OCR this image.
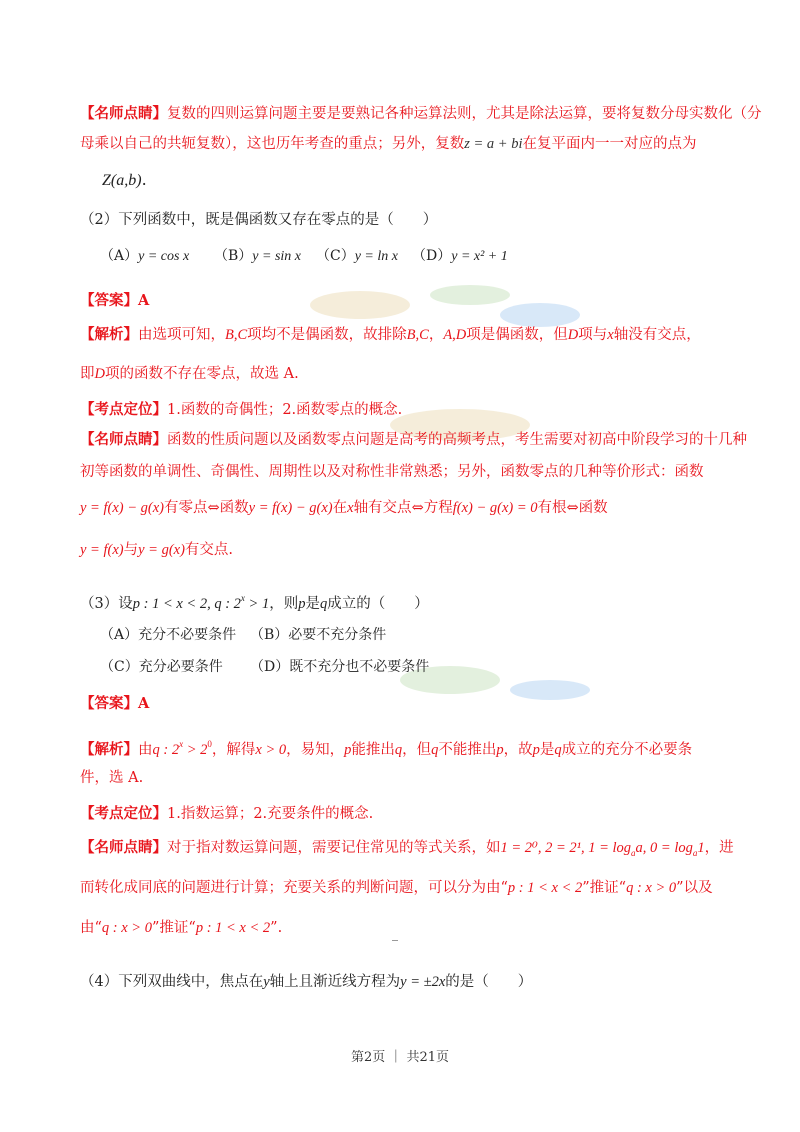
【名师点睛】复数的四则运算问题主要是要熟记各种运算法则，尤其是除法运算，要将复数分母实数化（分
母乘以自己的共轭复数），这也历年考查的重点；另外，复数z = a + bi在复平面内一一对应的点为
Z(a,b).
（2）下列函数中，既是偶函数又存在零点的是（　　）
（A）y = cos x （B）y = sin x （C）y = ln x （D）y = x² + 1
【答案】A
【解析】由选项可知，B,C项均不是偶函数，故排除B,C，A,D项是偶函数，但D项与x轴没有交点，
即D项的函数不存在零点，故选 A.
【考点定位】1.函数的奇偶性；2.函数零点的概念.
【名师点睛】函数的性质问题以及函数零点问题是高考的高频考点，考生需要对初高中阶段学习的十几种
初等函数的单调性、奇偶性、周期性以及对称性非常熟悉；另外，函数零点的几种等价形式：函数
y = f(x) − g(x)有零点⇔函数y = f(x) − g(x)在x轴有交点⇔方程f(x) − g(x) = 0有根⇔函数
y = f(x)与y = g(x)有交点.
（3）设p : 1 < x < 2, q : $2^x > 1$，则p是q成立的（　　）
（A）充分不必要条件 （B）必要不充分条件
（C）充分必要条件 （D）既不充分也不必要条件
【答案】A
【解析】由q : $2^x > 2^0$，解得x > 0，易知，p能推出q，但q不能推出p，故p是q成立的充分不必要条
件，选 A.
【考点定位】1.指数运算；2.充要条件的概念.
【名师点睛】对于指对数运算问题，需要记住常见的等式关系，如1 = 2⁰, 2 = 2¹, $1 = \log_aa$, $0 = \log_a1$，进
而转化成同底的问题进行计算；充要关系的判断问题，可以分为由“p : 1 < x < 2”推证“q : x > 0”以及
由“q : x > 0”推证“p : 1 < x < 2”.
（4）下列双曲线中，焦点在y轴上且渐近线方程为y = ±2x的是（　　）
第2页 ｜ 共21页
